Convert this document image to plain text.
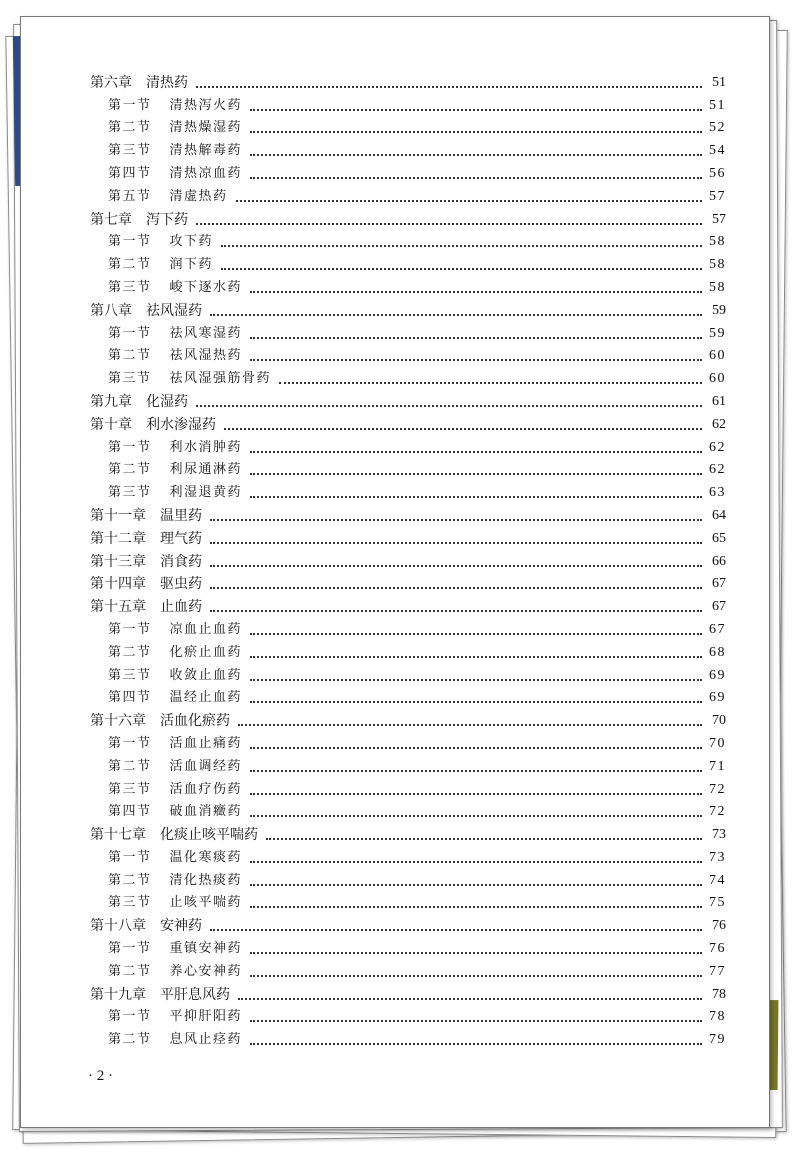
第六章 清热药	51
第一节 清热泻火药	51
第二节 清热燥湿药	52
第三节 清热解毒药	54
第四节 清热凉血药	56
第五节 清虚热药	57
第七章 泻下药	57
第一节 攻下药	58
第二节 润下药	58
第三节 峻下逐水药	58
第八章 祛风湿药	59
第一节 祛风寒湿药	59
第二节 祛风湿热药	60
第三节 祛风湿强筋骨药	60
第九章 化湿药	61
第十章 利水渗湿药	62
第一节 利水消肿药	62
第二节 利尿通淋药	62
第三节 利湿退黄药	63
第十一章 温里药	64
第十二章 理气药	65
第十三章 消食药	66
第十四章 驱虫药	67
第十五章 止血药	67
第一节 凉血止血药	67
第二节 化瘀止血药	68
第三节 收敛止血药	69
第四节 温经止血药	69
第十六章 活血化瘀药	70
第一节 活血止痛药	70
第二节 活血调经药	71
第三节 活血疗伤药	72
第四节 破血消癥药	72
第十七章 化痰止咳平喘药	73
第一节 温化寒痰药	73
第二节 清化热痰药	74
第三节 止咳平喘药	75
第十八章 安神药	76
第一节 重镇安神药	76
第二节 养心安神药	77
第十九章 平肝息风药	78
第一节 平抑肝阳药	78
第二节 息风止痉药	79
· 2 ·
